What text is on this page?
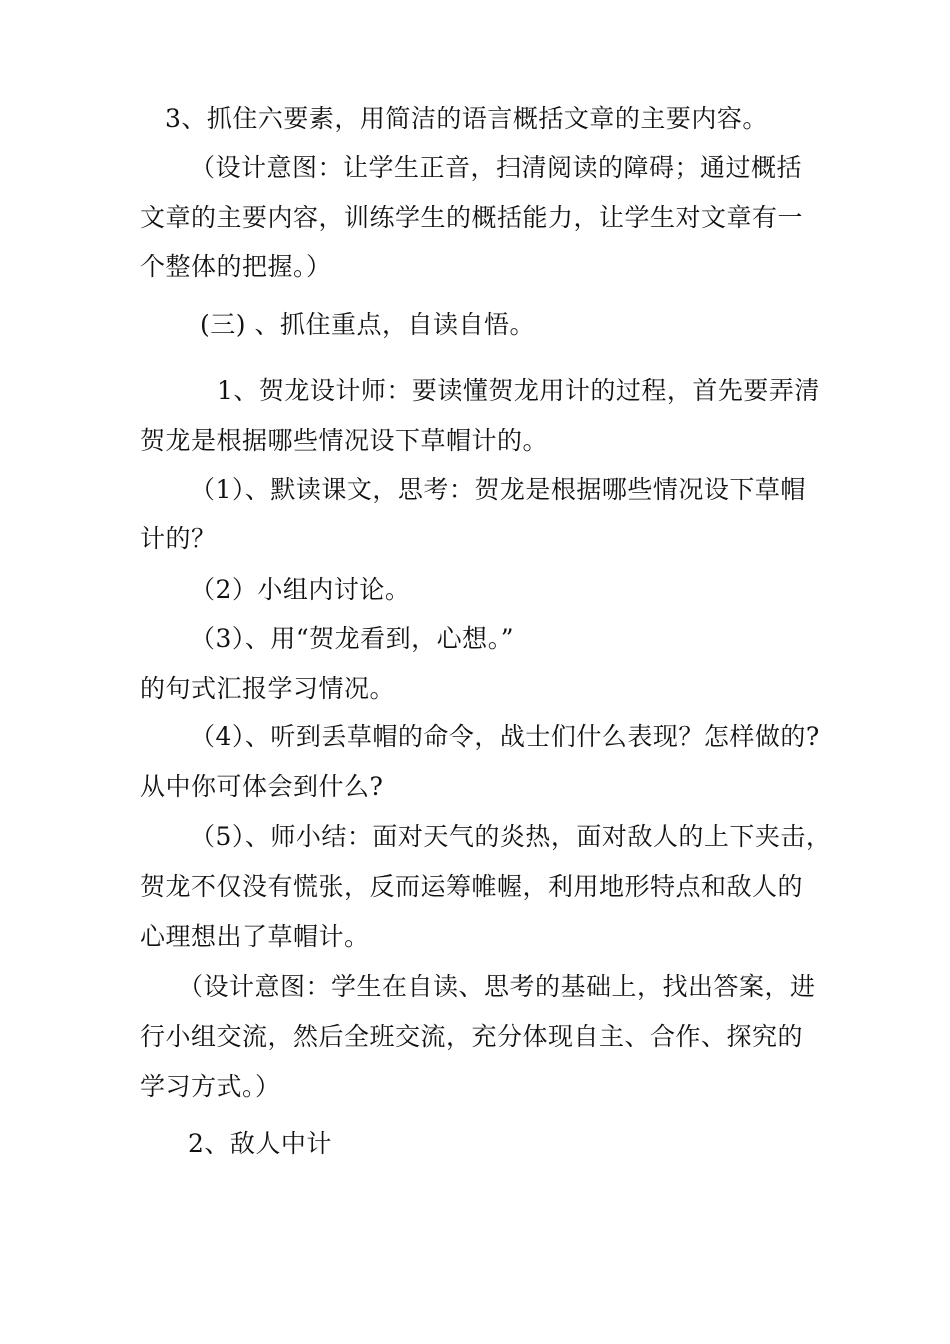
3、抓住六要素，用简洁的语言概括文章的主要内容。
（设计意图：让学生正音，扫清阅读的障碍；通过概括
文章的主要内容，训练学生的概括能力，让学生对文章有一
个整体的把握。）
(三) 、抓住重点，自读自悟。
1、贺龙设计师：要读懂贺龙用计的过程，首先要弄清
贺龙是根据哪些情况设下草帽计的。
（1）、默读课文，思考：贺龙是根据哪些情况设下草帽
计的？
（2）小组内讨论。
（3）、用“贺龙看到，心想。”
的句式汇报学习情况。
（4）、听到丢草帽的命令，战士们什么表现？怎样做的?
从中你可体会到什么?
（5）、师小结：面对天气的炎热，面对敌人的上下夹击，
贺龙不仅没有慌张，反而运筹帷幄，利用地形特点和敌人的
心理想出了草帽计。
（设计意图：学生在自读、思考的基础上，找出答案，进
行小组交流，然后全班交流，充分体现自主、合作、探究的
学习方式。）
2、敌人中计
